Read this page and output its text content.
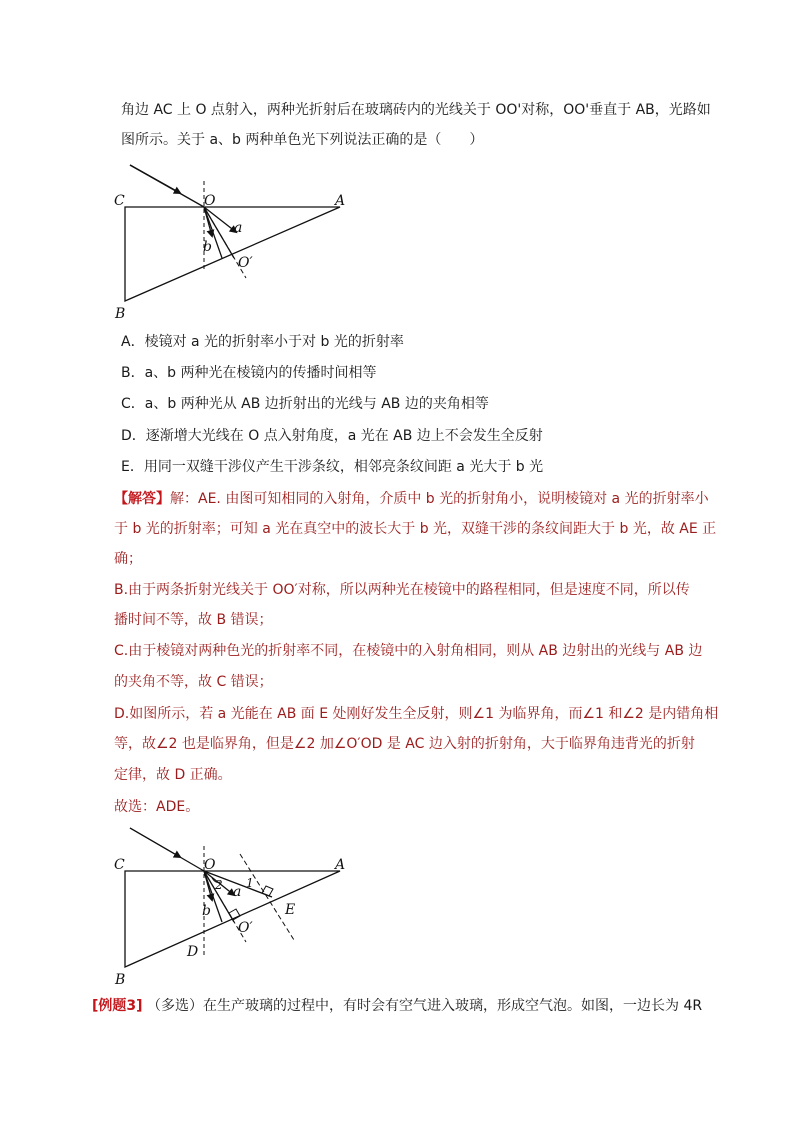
角边 AC 上 O 点射入，两种光折射后在玻璃砖内的光线关于 OO'对称，OO'垂直于 AB，光路如
图所示。关于 a、b 两种单色光下列说法正确的是（　　）
C	O	A
a
b
O′
B
A．棱镜对 a 光的折射率小于对 b 光的折射率
B．a、b 两种光在棱镜内的传播时间相等
C．a、b 两种光从 AB 边折射出的光线与 AB 边的夹角相等
D．逐渐增大光线在 O 点入射角度，a 光在 AB 边上不会发生全反射
E．用同一双缝干涉仪产生干涉条纹，相邻亮条纹间距 a 光大于 b 光
【解答】解：AE. 由图可知相同的入射角，介质中 b 光的折射角小，说明棱镜对 a 光的折射率小
于 b 光的折射率；可知 a 光在真空中的波长大于 b 光，双缝干涉的条纹间距大于 b 光，故 AE 正
确；
B.由于两条折射光线关于 OO′对称，所以两种光在棱镜中的路程相同，但是速度不同，所以传
播时间不等，故 B 错误；
C.由于棱镜对两种色光的折射率不同，在棱镜中的入射角相同，则从 AB 边射出的光线与 AB 边
的夹角不等，故 C 错误；
D.如图所示，若 a 光能在 AB 面 E 处刚好发生全反射，则∠1 为临界角，而∠1 和∠2 是内错角相
等，故∠2 也是临界角，但是∠2 加∠O′OD 是 AC 边入射的折射角，大于临界角违背光的折射
定律，故 D 正确。
故选：ADE。
C	O	A
1
2 a
b
O′
E
D
B
[例题3] （多选）在生产玻璃的过程中，有时会有空气进入玻璃，形成空气泡。如图，一边长为 4R
